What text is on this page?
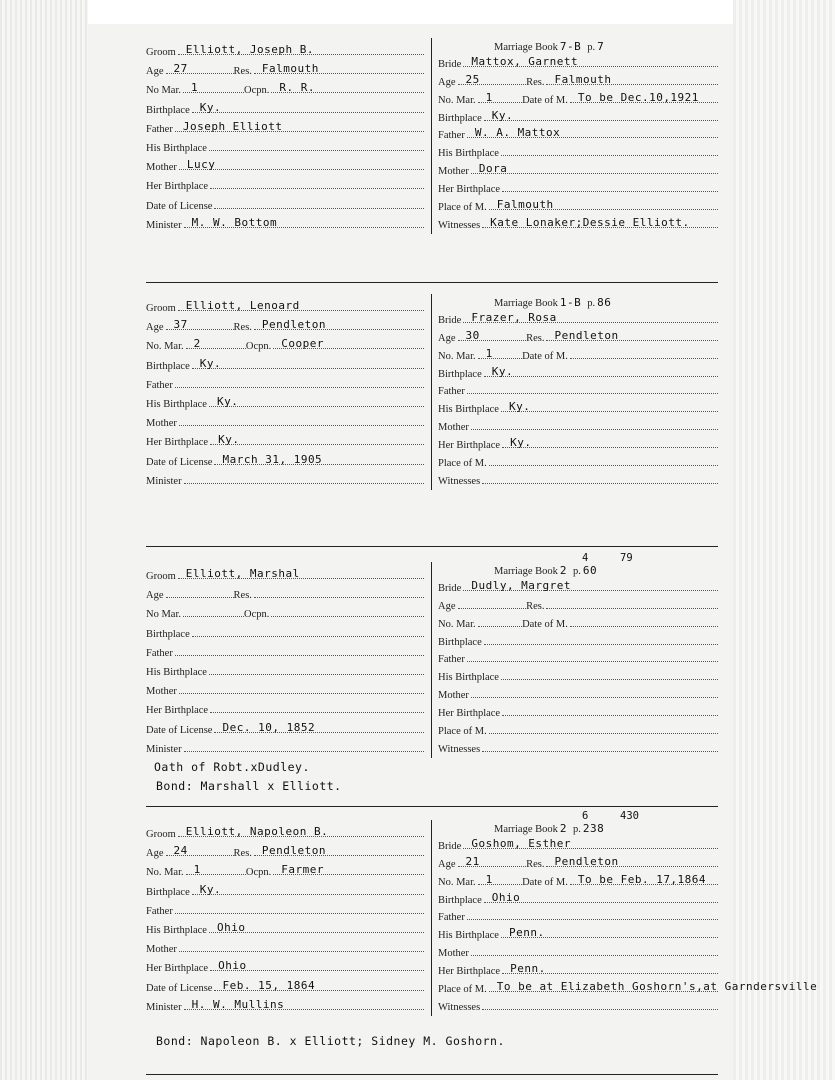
Groom Elliott, Joseph B.
Age 27	Res. Falmouth
No Mar. 1	Ocpn. R. R.
Birthplace Ky.
Father Joseph Elliott
His Birthplace
Mother Lucy
Her Birthplace
Date of License
Minister M. W. Bottom
Marriage Book 7-B p. 7
Bride Mattox, Garnett
Age 25	Res. Falmouth
No. Mar. 1	Date of M. To be Dec.10,1921
Birthplace Ky.
Father W. A. Mattox
His Birthplace
Mother Dora
Her Birthplace
Place of M. Falmouth
Witnesses Kate Lonaker;Dessie Elliott.
Groom Elliott, Lenoard
Age 37	Res. Pendleton
No. Mar. 2	Ocpn. Cooper
Birthplace Ky.
Father
His Birthplace Ky.
Mother
Her Birthplace Ky.
Date of License March 31, 1905
Minister
Marriage Book 1-B p. 86
Bride Frazer, Rosa
Age 30	Res. Pendleton
No. Mar. 1	Date of M.
Birthplace Ky.
Father
His Birthplace Ky.
Mother
Her Birthplace Ky.
Place of M.
Witnesses
Groom Elliott, Marshal
Age	Res.
No Mar.	Ocpn.
Birthplace
Father
His Birthplace
Mother
Her Birthplace
Date of License Dec. 10, 1852
Minister
Marriage Book 2 p. 60
4	79
Bride Dudly, Margret
Age	Res.
No. Mar.	Date of M.
Birthplace
Father
His Birthplace
Mother
Her Birthplace
Place of M.
Witnesses
Oath of Robt.xDudley.
Bond: Marshall x Elliott.
Groom Elliott, Napoleon B.
Age 24	Res. Pendleton
No. Mar. 1	Ocpn. Farmer
Birthplace Ky.
Father
His Birthplace Ohio
Mother
Her Birthplace Ohio
Date of License Feb. 15, 1864
Minister H. W. Mullins
Marriage Book 2 p. 238
6	430
Bride Goshom, Esther
Age 21	Res. Pendleton
No. Mar. 1	Date of M. To be Feb. 17,1864
Birthplace Ohio
Father
His Birthplace Penn.
Mother
Her Birthplace Penn.
Place of M. To be at Elizabeth Goshorn's,at Garndersville
Witnesses
Bond: Napoleon B. x Elliott; Sidney M. Goshorn.
